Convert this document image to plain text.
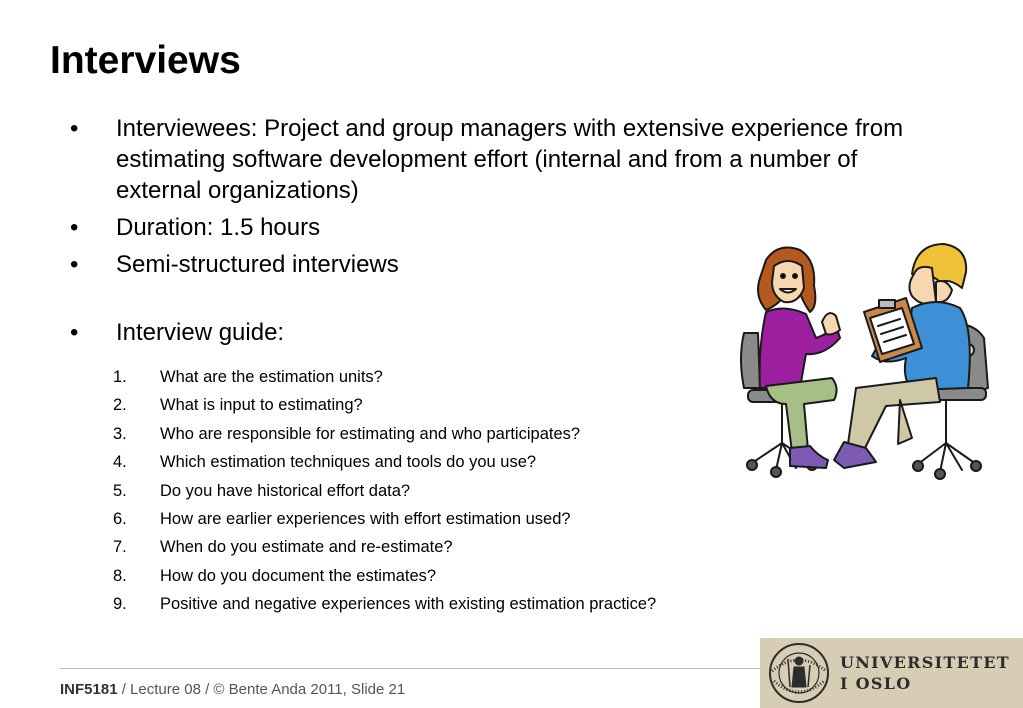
Interviews
•	Interviewees: Project and group managers with extensive experience from estimating software development effort (internal and from a number of external organizations)
•	Duration: 1.5 hours
•	Semi-structured interviews
•	Interview guide:
1.	What are the estimation units?
2.	What is input to estimating?
3.	Who are responsible for estimating and who participates?
4.	Which estimation techniques and tools do you use?
5.	Do you have historical effort data?
6.	How are earlier experiences with effort estimation used?
7.	When do you estimate and re-estimate?
8.	How do you document the estimates?
9.	Positive and negative experiences with existing estimation practice?
INF5181 / Lecture 08 / © Bente Anda 2011, Slide 21
UNIVERSITETET
I OSLO
